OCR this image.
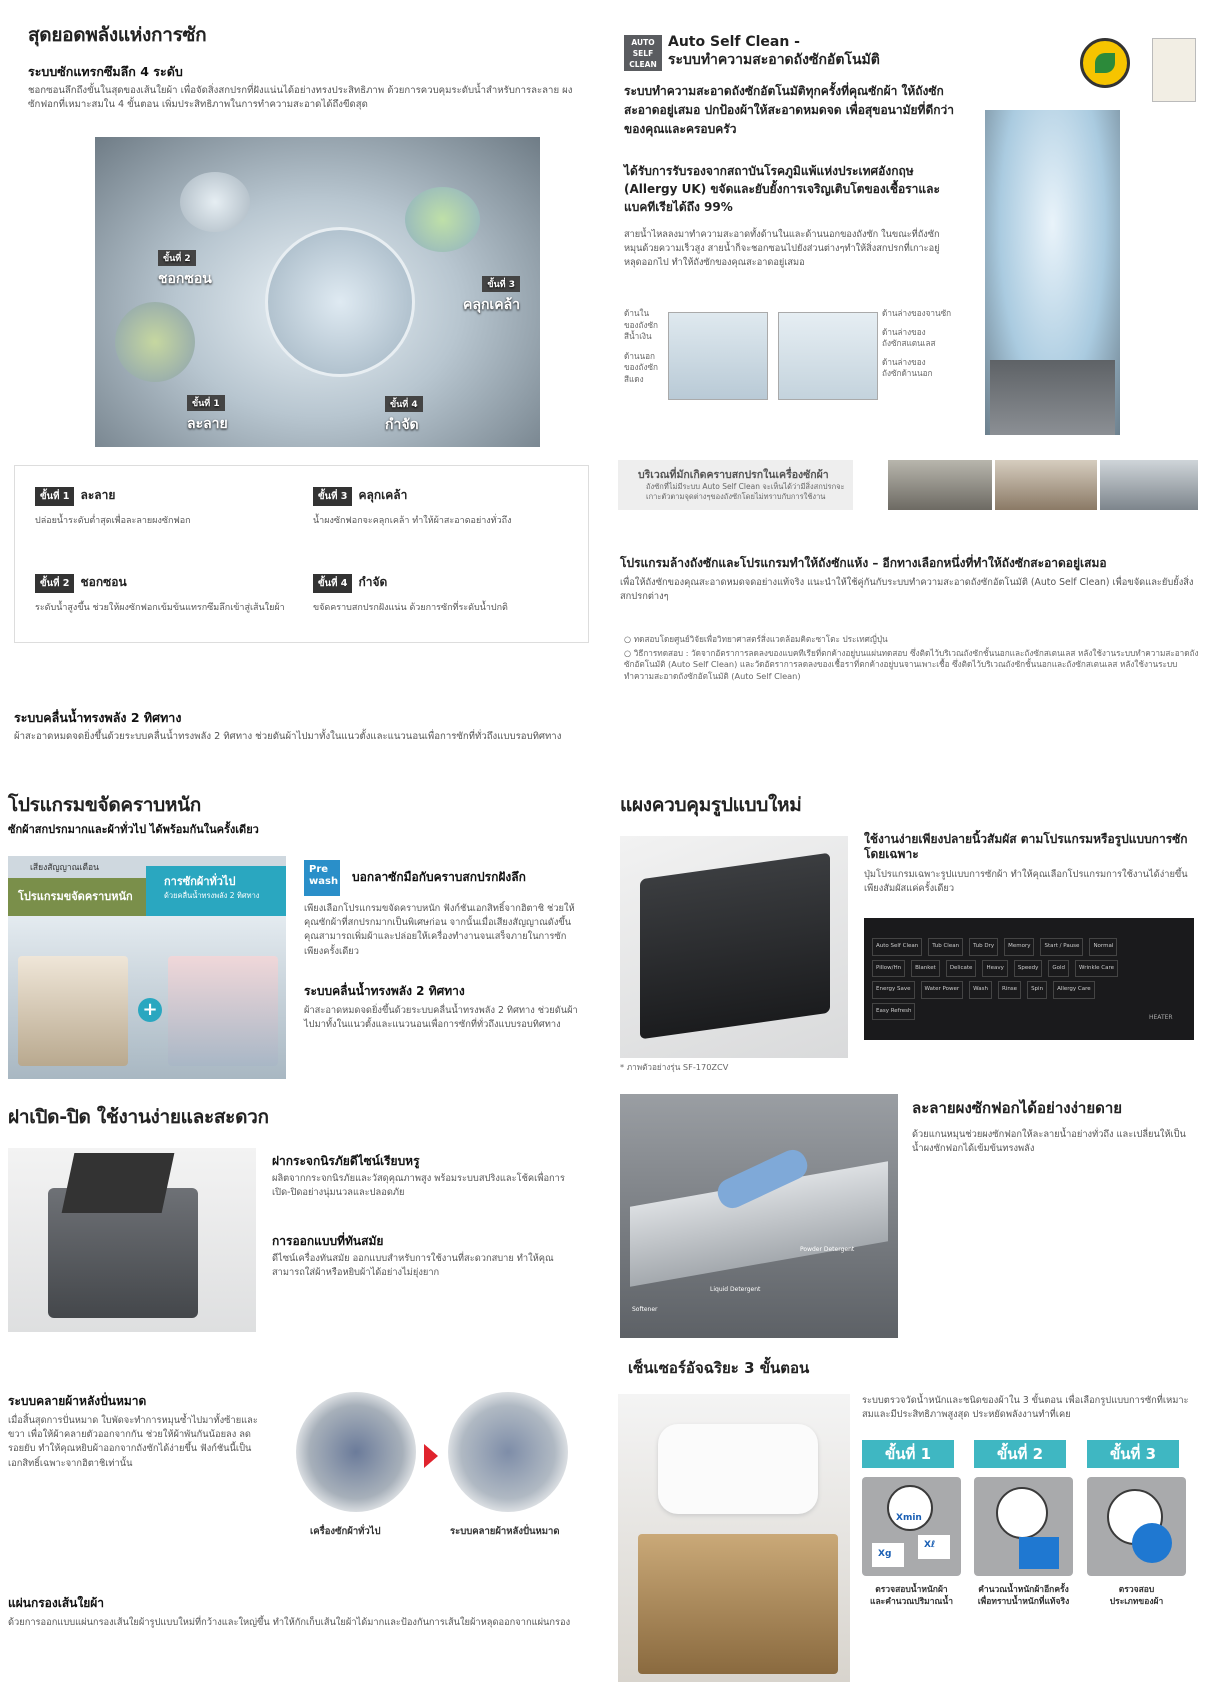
สุดยอดพลังแห่งการซัก
ระบบซักแทรกซึมลึก 4 ระดับ
ชอกซอนลึกถึงขั้นในสุดของเส้นใยผ้า เพื่อจัดสิ่งสกปรกที่ฝังแน่นได้อย่างทรงประสิทธิภาพ ด้วยการควบคุมระดับน้ำสำหรับการละลาย ผงซักฟอกที่เหมาะสมใน 4 ขั้นตอน เพิ่มประสิทธิภาพในการทำความสะอาดได้ถึงขีดสุด
ขั้นที่ 2
ชอกซอน	ขั้นที่ 3
คลุกเคล้า
ขั้นที่ 1
ละลาย
ขั้นที่ 4
กำจัด
ขั้นที่ 1 ละลาย
ปล่อยน้ำระดับต่ำสุดเพื่อละลายผงซักฟอก
ขั้นที่ 3 คลุกเคล้า
น้ำผงซักฟอกจะคลุกเคล้า ทำให้ผ้าสะอาดอย่างทั่วถึง
ขั้นที่ 2 ชอกซอน
ระดับน้ำสูงขึ้น ช่วยให้ผงซักฟอกเข้มข้นแทรกซึมลึกเข้าสู่เส้นใยผ้า
ขั้นที่ 4 กำจัด
ขจัดคราบสกปรกฝังแน่น ด้วยการซักที่ระดับน้ำปกติ
ระบบคลื่นน้ำทรงพลัง 2 ทิศทาง
ผ้าสะอาดหมดจดยิ่งขึ้นด้วยระบบคลื่นน้ำทรงพลัง 2 ทิศทาง ช่วยดันผ้าไปมาทั้งในแนวตั้งและแนวนอนเพื่อการซักที่ทั่วถึงแบบรอบทิศทาง
AUTO
SELF
CLEAN
Auto Self Clean -
ระบบทำความสะอาดถังซักอัตโนมัติ
ระบบทำความสะอาดถังซักอัตโนมัติทุกครั้งที่คุณซักผ้า ให้ถังซักสะอาดอยู่เสมอ ปกป้องผ้าให้สะอาดหมดจด เพื่อสุขอนามัยที่ดีกว่าของคุณและครอบครัว
ได้รับการรับรองจากสถาบันโรคภูมิแพ้แห่งประเทศอังกฤษ (Allergy UK) ขจัดและยับยั้งการเจริญเติบโตของเชื้อราและแบคทีเรียได้ถึง 99%
สายน้ำไหลลงมาทำความสะอาดทั้งด้านในและด้านนอกของถังซัก ในขณะที่ถังซักหมุนด้วยความเร็วสูง สายน้ำก็จะชอกซอนไปยังส่วนต่างๆทำให้สิ่งสกปรกที่เกาะอยู่หลุดออกไป ทำให้ถังซักของคุณสะอาดอยู่เสมอ
ด้านใน
ของถังซัก
สีน้ำเงิน
ด้านนอก
ของถังซัก
สีแดง
ด้านล่างของจานซัก
ด้านล่างของ
ถังซักสแตนเลส
ด้านล่างของ
ถังซักด้านนอก
บริเวณที่มักเกิดคราบสกปรกในเครื่องซักผ้า
ถังซักที่ไม่มีระบบ Auto Self Clean จะเห็นได้ว่ามีสิ่งสกปรกจะเกาะตัวตามจุดต่างๆของถังซักโดยไม่ทราบกับการใช้งาน
โปรแกรมล้างถังซักและโปรแกรมทำให้ถังซักแห้ง – อีกทางเลือกหนึ่งที่ทำให้ถังซักสะอาดอยู่เสมอ
เพื่อให้ถังซักของคุณสะอาดหมดจดอย่างแท้จริง แนะนำให้ใช้คู่กันกับระบบทำความสะอาดถังซักอัตโนมัติ (Auto Self Clean) เพื่อขจัดและยับยั้งสิ่งสกปรกต่างๆ
○ ทดสอบโดยศูนย์วิจัยเพื่อวิทยาศาสตร์สิ่งแวดล้อมคิตะซาโตะ ประเทศญี่ปุ่น
○ วิธีการทดสอบ : วัดจากอัตราการลดลงของแบคทีเรียที่ตกค้างอยู่บนแผ่นทดสอบ ซึ่งติดไว้บริเวณถังซักชั้นนอกและถังซักสเตนเลส หลังใช้งานระบบทำความสะอาดถังซักอัตโนมัติ (Auto Self Clean) และวัดอัตราการลดลงของเชื้อราที่ตกค้างอยู่บนจานเพาะเชื้อ ซึ่งติดไว้บริเวณถังซักชั้นนอกและถังซักสเตนเลส หลังใช้งานระบบทำความสะอาดถังซักอัตโนมัติ (Auto Self Clean)
โปรแกรมขจัดคราบหนัก
ซักผ้าสกปรกมากและผ้าทั่วไป ได้พร้อมกันในครั้งเดียว
เสียงสัญญาณเตือน
โปรแกรมขจัดคราบหนัก
การซักผ้าทั่วไป
ด้วยคลื่นน้ำทรงพลัง 2 ทิศทาง
+
Pre
wash บอกลาซักมือกับคราบสกปรกฝังลึก
เพียงเลือกโปรแกรมขจัดคราบหนัก ฟังก์ชันเอกสิทธิ์จากฮิตาชิ ช่วยให้คุณซักผ้าที่สกปรกมากเป็นพิเศษก่อน จากนั้นเมื่อเสียงสัญญาณดังขึ้น คุณสามารถเพิ่มผ้าและปล่อยให้เครื่องทำงานจนเสร็จภายในการซักเพียงครั้งเดียว
ระบบคลื่นน้ำทรงพลัง 2 ทิศทาง
ผ้าสะอาดหมดจดยิ่งขึ้นด้วยระบบคลื่นน้ำทรงพลัง 2 ทิศทาง ช่วยดันผ้าไปมาทั้งในแนวตั้งและแนวนอนเพื่อการซักที่ทั่วถึงแบบรอบทิศทาง
แผงควบคุมรูปแบบใหม่
* ภาพตัวอย่างรุ่น SF-170ZCV
ใช้งานง่ายเพียงปลายนิ้วสัมผัส ตามโปรแกรมหรือรูปแบบการซักโดยเฉพาะ
ปุ่มโปรแกรมเฉพาะรูปแบบการซักผ้า ทำให้คุณเลือกโปรแกรมการใช้งานได้ง่ายขึ้นเพียงสัมผัสแค่ครั้งเดียว
Auto Self Clean	Tub Clean	Tub Dry	Memory	Start / Pause	Normal
Pillow/Hn	Blanket	Delicate	Heavy	Speedy	Gold	Wrinkle Care
Energy Save	Water Power	Wash	Rinse	Spin	Allergy Care
Easy Refresh
HEATER
ฝาเปิด-ปิด ใช้งานง่ายและสะดวก
ฝากระจกนิรภัยดีไซน์เรียบหรู
ผลิตจากกระจกนิรภัยและวัสดุคุณภาพสูง พร้อมระบบสปริงและโช้คเพื่อการเปิด-ปิดอย่างนุ่มนวลและปลอดภัย
การออกแบบที่ทันสมัย
ดีไซน์เครื่องทันสมัย ออกแบบสำหรับการใช้งานที่สะดวกสบาย ทำให้คุณสามารถใส่ผ้าหรือหยิบผ้าได้อย่างไม่ยุ่งยาก
Softener
Liquid Detergent
Powder Detergent
ละลายผงซักฟอกได้อย่างง่ายดาย
ด้วยแกนหมุนช่วยผงซักฟอกให้ละลายน้ำอย่างทั่วถึง และเปลี่ยนให้เป็นน้ำผงซักฟอกได้เข้มข้นทรงพลัง
ระบบคลายผ้าหลังปั่นหมาด
เมื่อสิ้นสุดการปั่นหมาด ใบพัดจะทำการหมุนซ้ำไปมาทั้งซ้ายและขวา เพื่อให้ผ้าคลายตัวออกจากกัน ช่วยให้ผ้าพันกันน้อยลง ลดรอยยับ ทำให้คุณหยิบผ้าออกจากถังซักได้ง่ายขึ้น ฟังก์ชันนี้เป็นเอกสิทธิ์เฉพาะจากฮิตาชิเท่านั้น
เครื่องซักผ้าทั่วไป	ระบบคลายผ้าหลังปั่นหมาด
แผ่นกรองเส้นใยผ้า
ด้วยการออกแบบแผ่นกรองเส้นใยผ้ารูปแบบใหม่ที่กว้างและใหญ่ขึ้น ทำให้กักเก็บเส้นใยผ้าได้มากและป้องกันการเส้นใยผ้าหลุดออกจากแผ่นกรอง
เซ็นเซอร์อัจฉริยะ 3 ขั้นตอน
ระบบตรวจวัดน้ำหนักและชนิดของผ้าใน 3 ขั้นตอน เพื่อเลือกรูปแบบการซักที่เหมาะสมและมีประสิทธิภาพสูงสุด ประหยัดพลังงานทำที่เคย
ขั้นที่ 1	ขั้นที่ 2	ขั้นที่ 3
Xmin
Xg
Xℓ
ตรวจสอบน้ำหนักผ้า
และคำนวณปริมาณน้ำ
คำนวณน้ำหนักผ้าอีกครั้ง
เพื่อทราบน้ำหนักที่แท้จริง
ตรวจสอบ
ประเภทของผ้า
